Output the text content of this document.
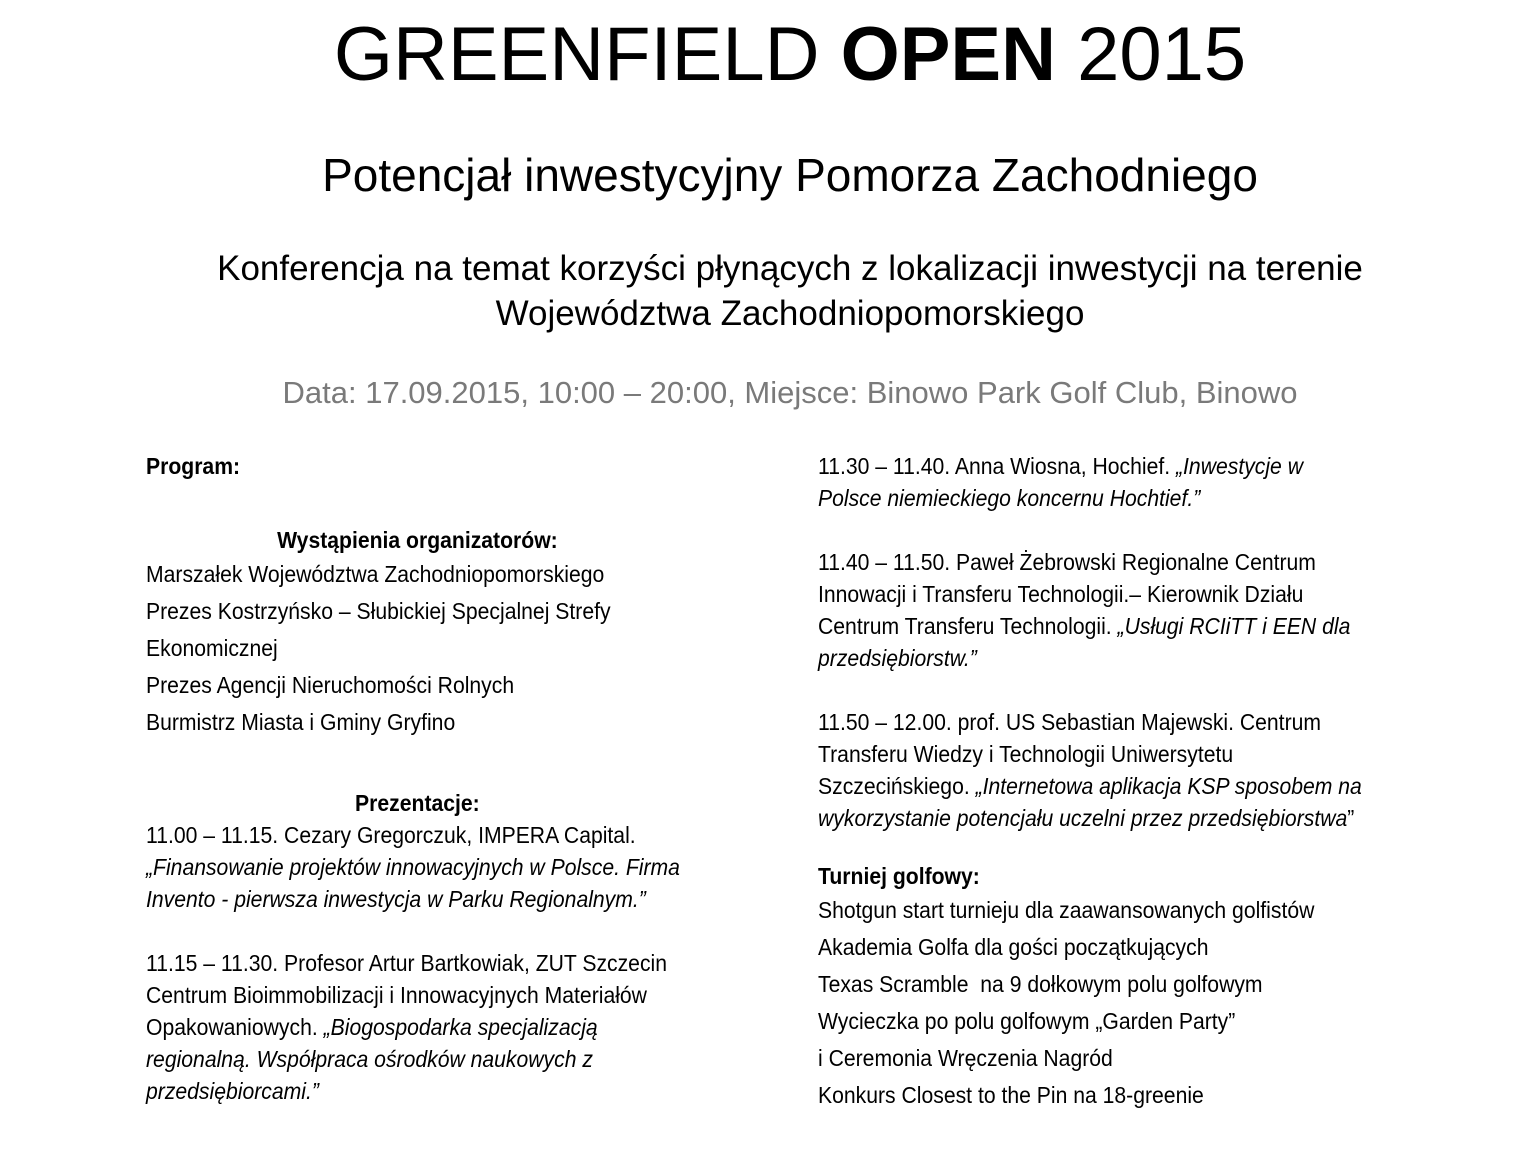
GREENFIELD OPEN 2015
Potencjał inwestycyjny Pomorza Zachodniego
Konferencja na temat korzyści płynących z lokalizacji inwestycji na terenie
Województwa Zachodniopomorskiego
Data: 17.09.2015, 10:00 – 20:00, Miejsce: Binowo Park Golf Club, Binowo
Program:
Wystąpienia organizatorów:
Marszałek Województwa Zachodniopomorskiego
Prezes Kostrzyńsko – Słubickiej Specjalnej Strefy
Ekonomicznej
Prezes Agencji Nieruchomości Rolnych
Burmistrz Miasta i Gminy Gryfino
Prezentacje:

11.00 – 11.15. Cezary Gregorczuk, IMPERA Capital.

„Finansowanie projektów innowacyjnych w Polsce. Firma

Invento - pierwsza inwestycja w Parku Regionalnym.”

11.15 – 11.30. Profesor Artur Bartkowiak, ZUT Szczecin

Centrum Bioimmobilizacji i Innowacyjnych Materiałów

Opakowaniowych. „Biogospodarka specjalizacją

regionalną. Współpraca ośrodków naukowych z

przedsiębiorcami.”

11.30 – 11.40. Anna Wiosna, Hochief. „Inwestycje w

Polsce niemieckiego koncernu Hochtief.”

11.40 – 11.50. Paweł Żebrowski Regionalne Centrum

Innowacji i Transferu Technologii.– Kierownik Działu

Centrum Transferu Technologii. „Usługi RCIiTT i EEN dla

przedsiębiorstw.”

11.50 – 12.00. prof. US Sebastian Majewski. Centrum

Transferu Wiedzy i Technologii Uniwersytetu

Szczecińskiego. „Internetowa aplikacja KSP sposobem na

wykorzystanie potencjału uczelni przez przedsiębiorstwa”

Turniej golfowy:
Shotgun start turnieju dla zaawansowanych golfistów
Akademia Golfa dla gości początkujących
Texas Scramble  na 9 dołkowym polu golfowym
Wycieczka po polu golfowym „Garden Party”
i Ceremonia Wręczenia Nagród
Konkurs Closest to the Pin na 18-greenie
